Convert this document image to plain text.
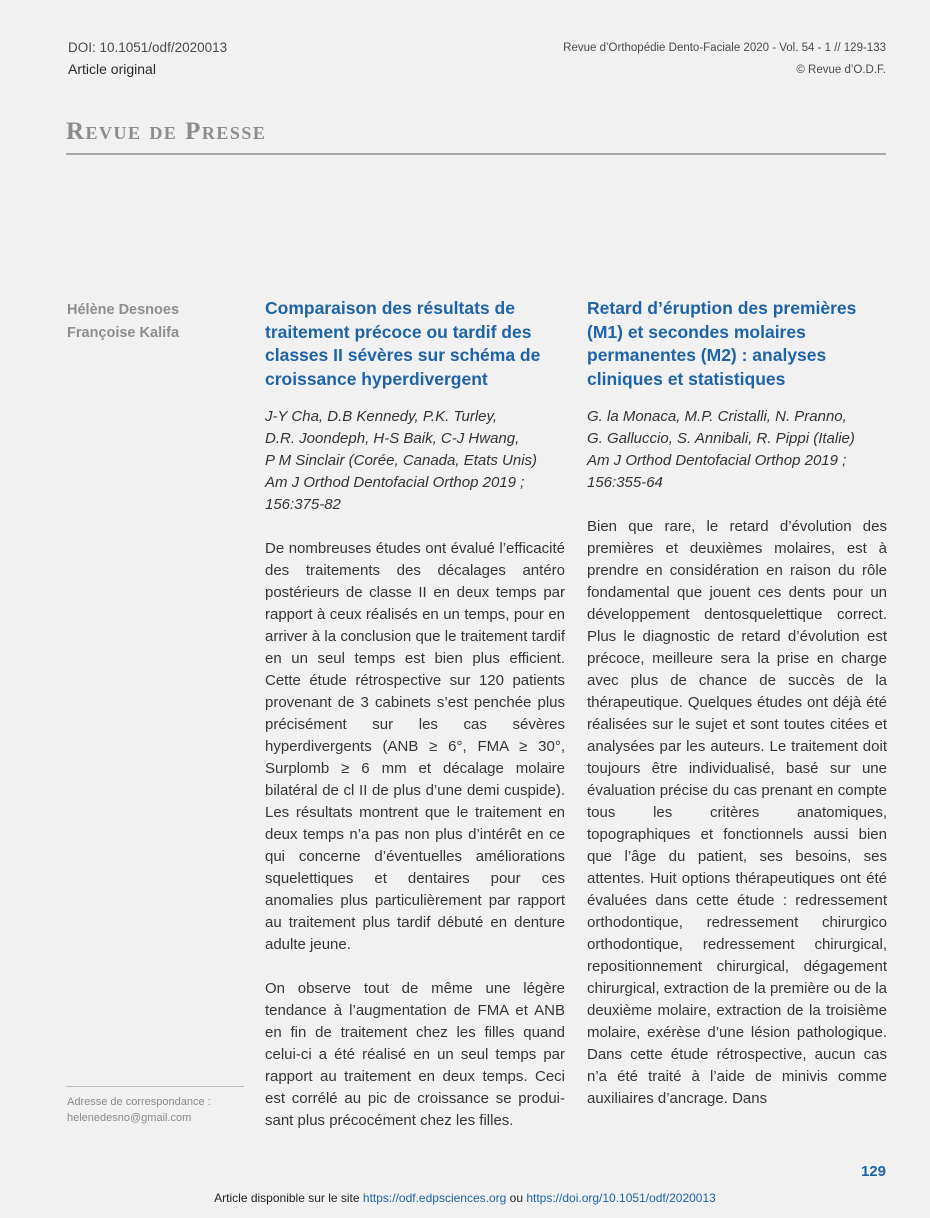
DOI: 10.1051/odf/2020013
Article original
Revue d’Orthopédie Dento-Faciale 2020 - Vol. 54 - 1 // 129-133
© Revue d’O.D.F.
Revue de Presse
Hélène Desnoes
Françoise Kalifa
Comparaison des résultats de traitement précoce ou tardif des classes II sévères sur schéma de croissance hyperdivergent
J-Y Cha, D.B Kennedy, P.K. Turley,
D.R. Joondeph, H-S Baik, C-J Hwang,
P M Sinclair (Corée, Canada, Etats Unis)
Am J Orthod Dentofacial Orthop 2019 ;
156:375-82

De nombreuses études ont évalué l’efficacité des traitements des décalages antéro postérieurs de classe II en deux temps par rapport à ceux réalisés en un temps, pour en arriver à la conclusion que le traitement tardif en un seul temps est bien plus efficient. Cette étude rétrospective sur 120 patients provenant de 3 cabinets s’est penchée plus précisément sur les cas sévères hyperdivergents (ANB ≥ 6°, FMA ≥ 30°, Surplomb ≥ 6 mm et décalage molaire bilatéral de cl II de plus d’une demi cuspide). Les résultats montrent que le traitement en deux temps n’a pas non plus d’intérêt en ce qui concerne d’éventuelles améliorations squelettiques et dentaires pour ces anomalies plus particulièrement par rapport au traitement plus tardif débuté en denture adulte jeune.

On observe tout de même une légère tendance à l’augmentation de FMA et ANB en fin de traitement chez les filles quand celui-ci a été réalisé en un seul temps par rapport au traitement en deux temps. Ceci est corrélé au pic de croissance se produisant plus précocément chez les filles.

Retard d’éruption des premières (M1) et secondes molaires permanentes (M2) : analyses cliniques et statistiques
G. la Monaca, M.P. Cristalli, N. Pranno,
G. Galluccio, S. Annibali, R. Pippi (Italie)
Am J Orthod Dentofacial Orthop 2019 ;
156:355-64

Bien que rare, le retard d’évolution des premières et deuxièmes molaires, est à prendre en considération en raison du rôle fondamental que jouent ces dents pour un développement dentosquelettique correct. Plus le diagnostic de retard d’évolution est précoce, meilleure sera la prise en charge avec plus de chance de succès de la thérapeutique. Quelques études ont déjà été réalisées sur le sujet et sont toutes citées et analysées par les auteurs. Le traitement doit toujours être individualisé, basé sur une évaluation précise du cas prenant en compte tous les critères anatomiques, topographiques et fonctionnels aussi bien que l’âge du patient, ses besoins, ses attentes. Huit options thérapeutiques ont été évaluées dans cette étude : redressement orthodontique, redressement chirurgico orthodontique, redressement chirurgical, repositionnement chirurgical, dégagement chirurgical, extraction de la première ou de la deuxième molaire, extraction de la troisième molaire, exérèse d’une lésion pathologique. Dans cette étude rétrospective, aucun cas n’a été traité à l’aide de minivis comme auxiliaires d’ancrage. Dans

Adresse de correspondance :
helenedesno@gmail.com
129
Article disponible sur le site https://odf.edpsciences.org ou https://doi.org/10.1051/odf/2020013
